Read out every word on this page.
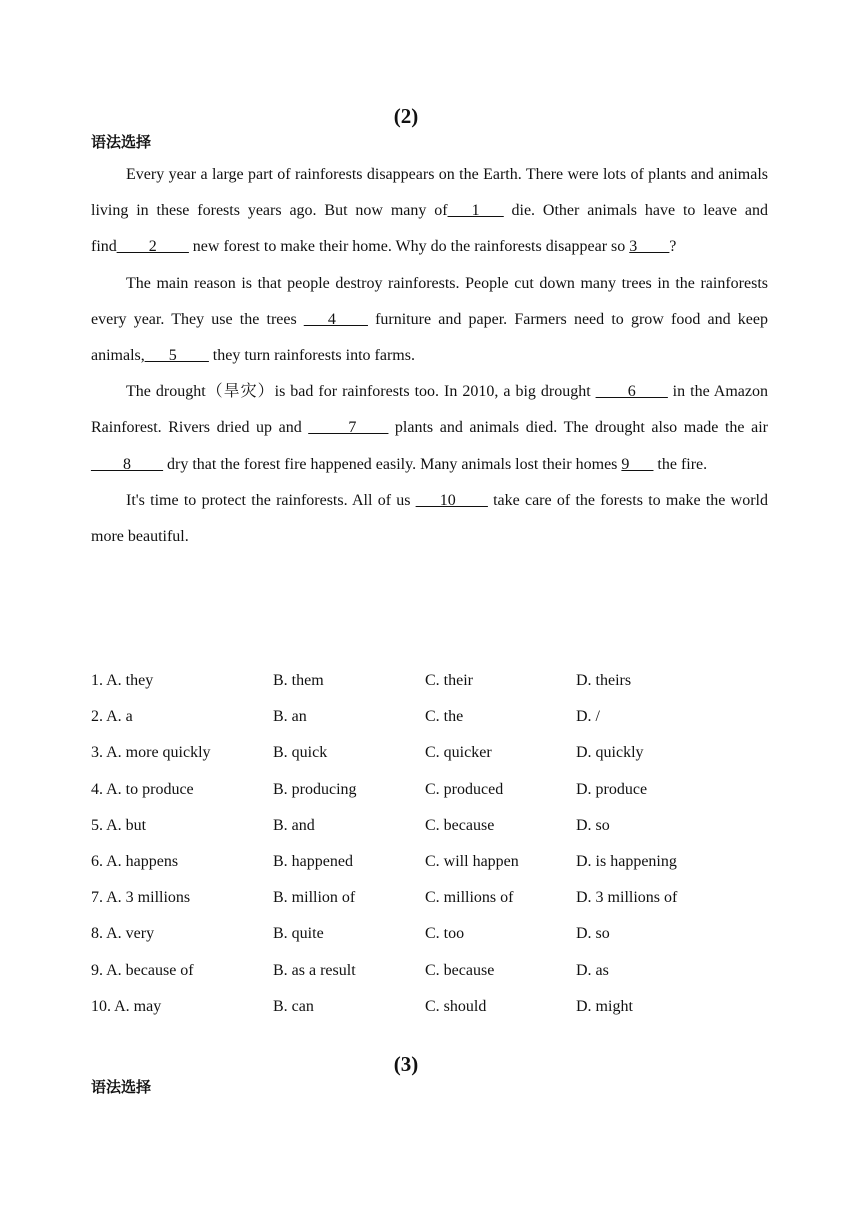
(2)
语法选择

Every year a large part of rainforests disappears on the Earth. There were lots of plants and animals living in these forests years ago. But now many of___1___ die. Other animals have to leave and find____2____ new forest to make their home. Why do the rainforests disappear so 3____?

The main reason is that people destroy rainforests. People cut down many trees in the rainforests every year. They use the trees ___4____ furniture and paper. Farmers need to grow food and keep animals,___5____ they turn rainforests into farms.

The drought（旱灾）is bad for rainforests too. In 2010, a big drought ____6____ in the Amazon Rainforest. Rivers dried up and _____7____ plants and animals died. The drought also made the air ____8____ dry that the forest fire happened easily. Many animals lost their homes 9___ the fire.

It's time to protect the rainforests. All of us ___10____ take care of the forests to make the world more beautiful.

1. A. they	B. them	C. their	D. theirs
2. A. a	B. an	C. the	D. /
3. A. more quickly	B. quick	C. quicker	D. quickly
4. A. to produce	B. producing	C. produced	D. produce
5. A. but	B. and	C. because	D. so
6. A. happens	B. happened	C. will happen	D. is happening
7. A. 3 millions	B. million of	C. millions of	D. 3 millions of
8. A. very	B. quite	C. too	D. so
9. A. because of	B. as a result	C. because	D. as
10. A. may	B. can	C. should	D. might
(3)
语法选择
